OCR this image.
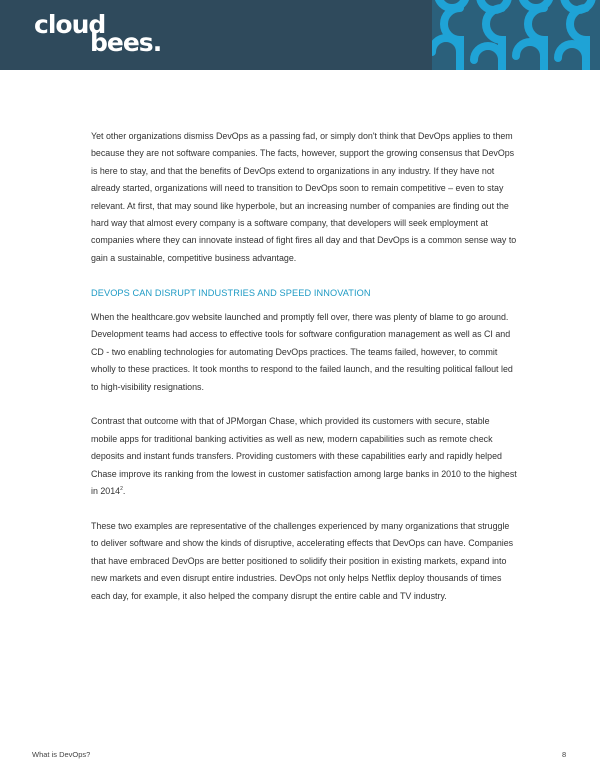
cloud
bees.

Yet other organizations dismiss DevOps as a passing fad, or simply don't think that DevOps applies to them because they are not software companies. The facts, however, support the growing consensus that DevOps is here to stay, and that the benefits of DevOps extend to organizations in any industry. If they have not already started, organizations will need to transition to DevOps soon to remain competitive – even to stay relevant. At first, that may sound like hyperbole, but an increasing number of companies are finding out the hard way that almost every company is a software company, that developers will seek employment at companies where they can innovate instead of fight fires all day and that DevOps is a common sense way to gain a sustainable, competitive business advantage.

DEVOPS CAN DISRUPT INDUSTRIES AND SPEED INNOVATION

When the healthcare.gov website launched and promptly fell over, there was plenty of blame to go around. Development teams had access to effective tools for software configuration management as well as CI and CD - two enabling technologies for automating DevOps practices. The teams failed, however, to commit wholly to these practices. It took months to respond to the failed launch, and the resulting political fallout led to high-visibility resignations.

Contrast that outcome with that of JPMorgan Chase, which provided its customers with secure, stable mobile apps for traditional banking activities as well as new, modern capabilities such as remote check deposits and instant funds transfers. Providing customers with these capabilities early and rapidly helped Chase improve its ranking from the lowest in customer satisfaction among large banks in 2010 to the highest in 2014$^2$.

These two examples are representative of the challenges experienced by many organizations that struggle to deliver software and show the kinds of disruptive, accelerating effects that DevOps can have. Companies that have embraced DevOps are better positioned to solidify their position in existing markets, expand into new markets and even disrupt entire industries. DevOps not only helps Netflix deploy thousands of times each day, for example, it also helped the company disrupt the entire cable and TV industry.

What is DevOps?	8
